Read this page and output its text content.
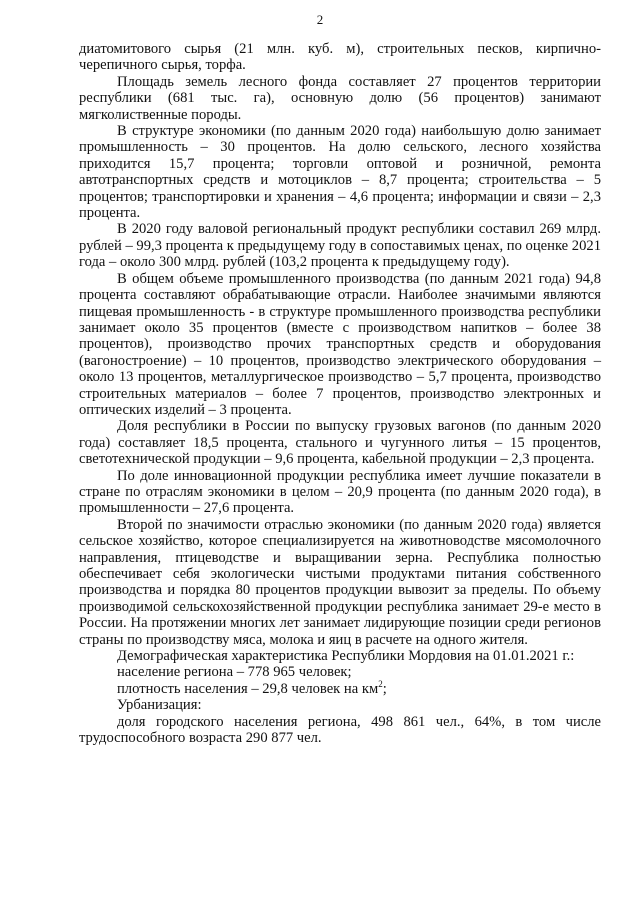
2

диатомитового сырья (21 млн. куб. м), строительных песков, кирпично-черепичного сырья, торфа.

Площадь земель лесного фонда составляет 27 процентов территории республики (681 тыс. га), основную долю (56 процентов) занимают мягколиственные породы.

В структуре экономики (по данным 2020 года) наибольшую долю занимает промышленность – 30 процентов. На долю сельского, лесного хозяйства приходится 15,7 процента; торговли оптовой и розничной, ремонта автотранспортных средств и мотоциклов – 8,7 процента; строительства – 5 процентов; транспортировки и хранения – 4,6 процента; информации и связи – 2,3 процента.

В 2020 году валовой региональный продукт республики составил 269 млрд. рублей – 99,3 процента к предыдущему году в сопоставимых ценах, по оценке 2021 года – около 300 млрд. рублей (103,2 процента к предыдущему году).

В общем объеме промышленного производства (по данным 2021 года) 94,8 процента составляют обрабатывающие отрасли. Наиболее значимыми являются пищевая промышленность - в структуре промышленного производства республики занимает около 35 процентов (вместе с производством напитков – более 38 процентов), производство прочих транспортных средств и оборудования (вагоностроение) – 10 процентов, производство электрического оборудования – около 13 процентов, металлургическое производство – 5,7 процента, производство строительных материалов – более 7 процентов, производство электронных и оптических изделий – 3 процента.

Доля республики в России по выпуску грузовых вагонов (по данным 2020 года) составляет 18,5 процента, стального и чугунного литья – 15 процентов, светотехнической продукции – 9,6 процента, кабельной продукции – 2,3 процента.

По доле инновационной продукции республика имеет лучшие показатели в стране по отраслям экономики в целом – 20,9 процента (по данным 2020 года), в промышленности – 27,6 процента.

Второй по значимости отраслью экономики (по данным 2020 года) является сельское хозяйство, которое специализируется на животноводстве мясомолочного направления, птицеводстве и выращивании зерна. Республика полностью обеспечивает себя экологически чистыми продуктами питания собственного производства и порядка 80 процентов продукции вывозит за пределы. По объему производимой сельскохозяйственной продукции республика занимает 29-е место в России. На протяжении многих лет занимает лидирующие позиции среди регионов страны по производству мяса, молока и яиц в расчете на одного жителя.

Демографическая характеристика Республики Мордовия на 01.01.2021 г.:

население региона – 778 965 человек;

плотность населения – 29,8 человек на $км^2$;

Урбанизация:

доля городского населения региона, 498 861 чел., 64%, в том числе трудоспособного возраста 290 877 чел.
